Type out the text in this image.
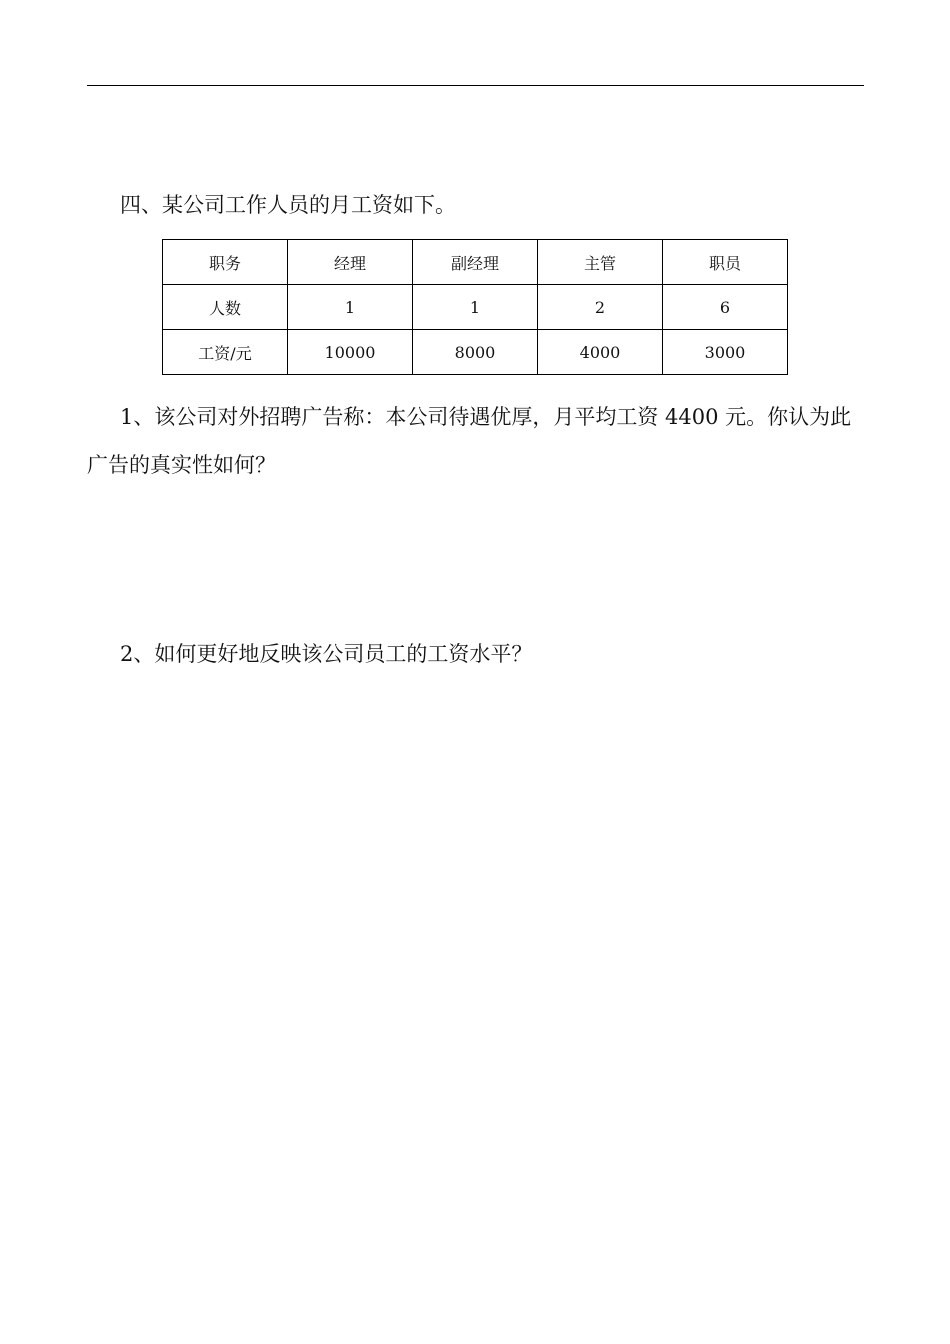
四、某公司工作人员的月工资如下。

职务	经理	副经理	主管	职员
人数	1	1	2	6
工资/元	10000	8000	4000	3000

1、该公司对外招聘广告称：本公司待遇优厚，月平均工资 4400 元。你认为此广告的真实性如何？

2、如何更好地反映该公司员工的工资水平？
